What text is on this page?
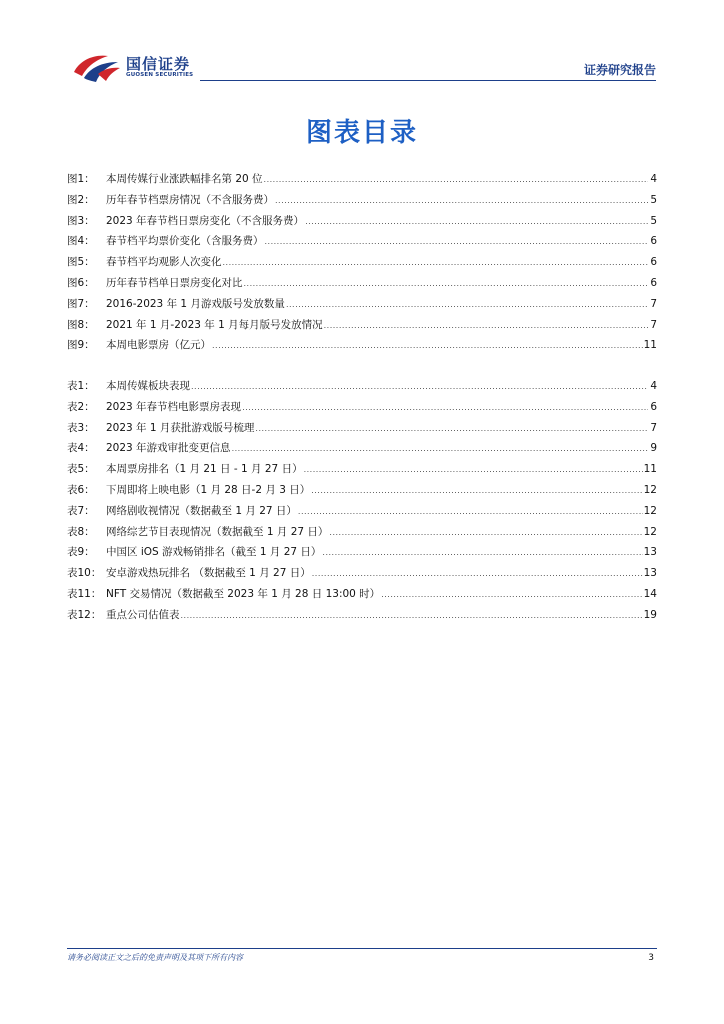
国信证券
GUOSEN SECURITIES	证券研究报告
图表目录
图1：	本周传媒行业涨跌幅排名第 20 位 .....	4
图2：	历年春节档票房情况（不含服务费） .....	5
图3：	2023 年春节档日票房变化（不含服务费） .....	5
图4：	春节档平均票价变化（含服务费） .....	6
图5：	春节档平均观影人次变化 .....	6
图6：	历年春节档单日票房变化对比 .....	6
图7：	2016-2023 年 1 月游戏版号发放数量 .....	7
图8：	2021 年 1 月-2023 年 1 月每月版号发放情况 .....	7
图9：	本周电影票房（亿元） .....	11
表1：	本周传媒板块表现 .....	4
表2：	2023 年春节档电影票房表现 .....	6
表3：	2023 年 1 月获批游戏版号梳理 .....	7
表4：	2023 年游戏审批变更信息 .....	9
表5：	本周票房排名（1 月 21 日 - 1 月 27 日） .....	11
表6：	下周即将上映电影（1 月 28 日-2 月 3 日） .....	12
表7：	网络剧收视情况（数据截至 1 月 27 日） .....	12
表8：	网络综艺节目表现情况（数据截至 1 月 27 日） .....	12
表9：	中国区 iOS 游戏畅销排名（截至 1 月 27 日） .....	13
表10： 安卓游戏热玩排名 （数据截至 1 月 27 日） .....	13
表11： NFT 交易情况（数据截至 2023 年 1 月 28 日 13:00 时） .....	14
表12： 重点公司估值表 .....	19
请务必阅读正文之后的免责声明及其项下所有内容	3
